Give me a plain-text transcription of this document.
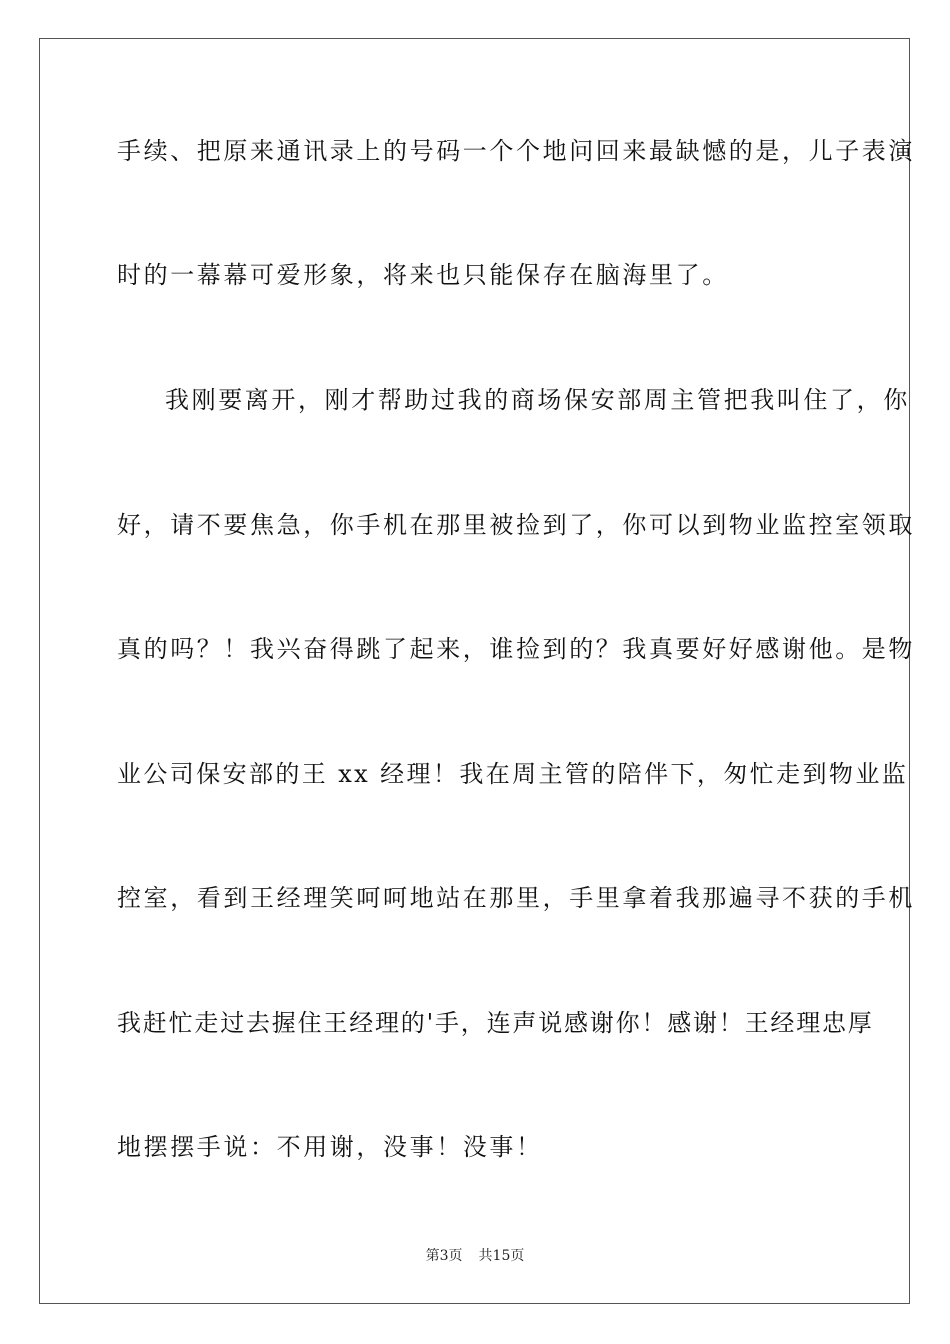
手续、把原来通讯录上的号码一个个地问回来最缺憾的是，儿子表演
时的一幕幕可爱形象，将来也只能保存在脑海里了。
我刚要离开，刚才帮助过我的商场保安部周主管把我叫住了，你
好，请不要焦急，你手机在那里被捡到了，你可以到物业监控室领取
真的吗？！我兴奋得跳了起来，谁捡到的？我真要好好感谢他。是物
业公司保安部的王 xx 经理！我在周主管的陪伴下，匆忙走到物业监
控室，看到王经理笑呵呵地站在那里，手里拿着我那遍寻不获的手机
我赶忙走过去握住王经理的'手，连声说感谢你！感谢！王经理忠厚
地摆摆手说：不用谢，没事！没事！
第3页 共15页
